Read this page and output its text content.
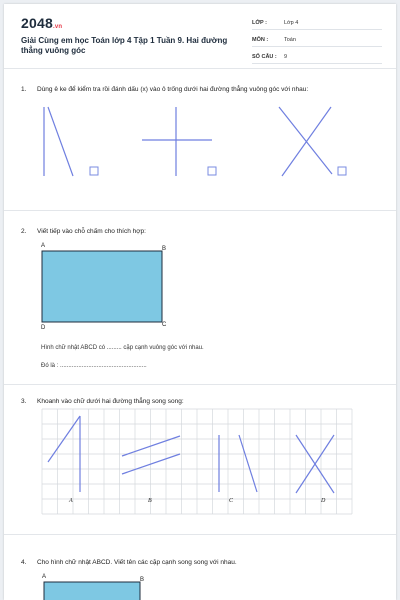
2048.vn
Giải Cùng em học Toán lớp 4 Tập 1 Tuần 9. Hai đường thẳng vuông góc
LỚP :	Lớp 4
MÔN :	Toán
SỐ CÂU : 9
1. Dùng ê ke để kiểm tra rồi đánh dấu (x) vào ô trống dưới hai đường thẳng vuông góc với nhau:
2. Viết tiếp vào chỗ chấm cho thích hợp:
A	B
D	C
Hình chữ nhật ABCD có ......... cặp cạnh vuông góc với nhau.
Đó là : ....................................................
3. Khoanh vào chữ dưới hai đường thẳng song song:
A	B	C	D
4. Cho hình chữ nhật ABCD. Viết tên các cặp cạnh song song với nhau.
A	B
